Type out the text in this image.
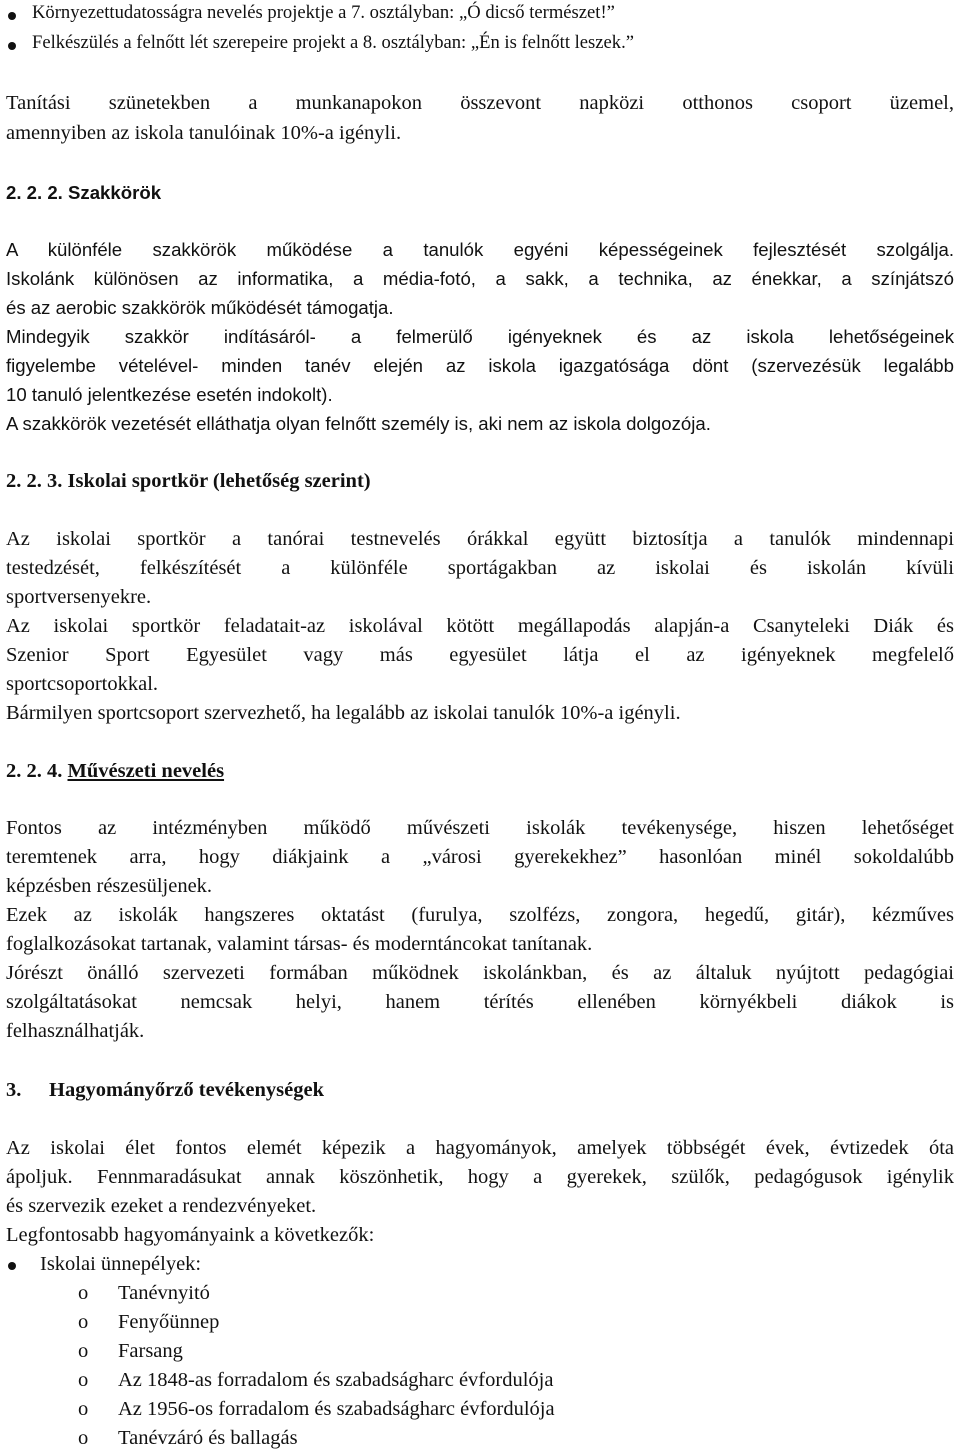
Környezettudatosságra nevelés projektje a 7. osztályban: „Ó dicső természet!”
Felkészülés a felnőtt lét szerepeire projekt a 8. osztályban: „Én is felnőtt leszek.”
Tanítási szünetekben a munkanapokon összevont napközi otthonos csoport üzemel,
amennyiben az iskola tanulóinak 10%-a igényli.
2. 2. 2. Szakkörök
A különféle szakkörök működése a tanulók egyéni képességeinek fejlesztését szolgálja.
Iskolánk különösen az informatika, a média-fotó, a sakk, a technika, az énekkar, a színjátszó
és az aerobic szakkörök működését támogatja.
Mindegyik szakkör indításáról- a felmerülő igényeknek és az iskola lehetőségeinek
figyelembe vételével- minden tanév elején az iskola igazgatósága dönt (szervezésük legalább
10 tanuló jelentkezése esetén indokolt).
A szakkörök vezetését elláthatja olyan felnőtt személy is, aki nem az iskola dolgozója.
2. 2. 3. Iskolai sportkör (lehetőség szerint)
Az iskolai sportkör a tanórai testnevelés órákkal együtt biztosítja a tanulók mindennapi
testedzését, felkészítését a különféle sportágakban az iskolai és iskolán kívüli
sportversenyekre.
Az iskolai sportkör feladatait-az iskolával kötött megállapodás alapján-a Csanyteleki Diák és
Szenior Sport Egyesület vagy más egyesület látja el az igényeknek megfelelő
sportcsoportokkal.
Bármilyen sportcsoport szervezhető, ha legalább az iskolai tanulók 10%-a igényli.
2. 2. 4. Művészeti nevelés
Fontos az intézményben működő művészeti iskolák tevékenysége, hiszen lehetőséget
teremtenek arra, hogy diákjaink a „városi gyerekekhez” hasonlóan minél sokoldalúbb
képzésben részesüljenek.
Ezek az iskolák hangszeres oktatást (furulya, szolfézs, zongora, hegedű, gitár), kézműves
foglalkozásokat tartanak, valamint társas- és moderntáncokat tanítanak.
Jórészt önálló szervezeti formában működnek iskolánkban, és az általuk nyújtott pedagógiai
szolgáltatásokat nemcsak helyi, hanem térítés ellenében környékbeli diákok is
felhasználhatják.
3. Hagyományőrző tevékenységek
Az iskolai élet fontos elemét képezik a hagyományok, amelyek többségét évek, évtizedek óta
ápoljuk. Fennmaradásukat annak köszönhetik, hogy a gyerekek, szülők, pedagógusok igénylik
és szervezik ezeket a rendezvényeket.
Legfontosabb hagyományaink a következők:
Iskolai ünnepélyek:
o Tanévnyitó
o Fenyőünnep
o Farsang
o Az 1848-as forradalom és szabadságharc évfordulója
o Az 1956-os forradalom és szabadságharc évfordulója
o Tanévzáró és ballagás
